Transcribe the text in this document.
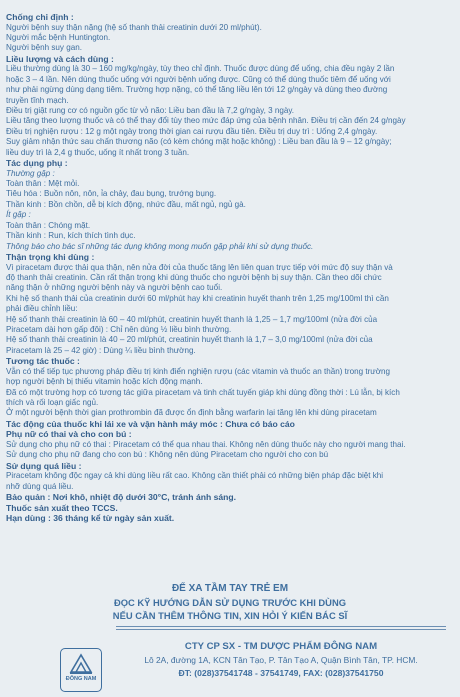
Chống chỉ định :
Người bệnh suy thận nặng (hệ số thanh thải creatinin dưới 20 ml/phút).
Người mắc bệnh Huntington.
Người bệnh suy gan.
Liều lượng và cách dùng :
Liều thường dùng là 30 – 160 mg/kg/ngày, tùy theo chỉ định. Thuốc được dùng để uống, chia đều ngày 2 lần
hoặc 3 – 4 lần. Nên dùng thuốc uống với người bệnh uống được. Cũng có thể dùng thuốc tiêm để uống với
như phải ngừng dùng dạng tiêm. Trường hợp nặng, có thể tăng liều lên tới 12 g/ngày và dùng theo đường
truyền tĩnh mạch.
Điều trị giật rung cơ có nguồn gốc từ vỏ não: Liều ban đầu là 7,2 g/ngày, 3 ngày.
Liều tăng theo lượng thuốc và có thể thay đổi tùy theo mức đáp ứng của bệnh nhân. Điều trị cần đến 24 g/ngày
Điều trị nghiện rượu : 12 g một ngày trong thời gian cai rượu đầu tiên. Điều trị duy trì : Uống 2,4 g/ngày.
Suy giảm nhận thức sau chấn thương não (có kèm chóng mặt hoặc không) : Liều ban đầu là 9 – 12 g/ngày;
liều duy trì là 2,4 g thuốc, uống ít nhất trong 3 tuần.
Tác dụng phụ :
Thường gặp :
Toàn thân : Mệt mỏi.
Tiêu hóa : Buồn nôn, nôn, ỉa chảy, đau bụng, trướng bụng.
Thần kinh : Bồn chồn, dễ bị kích động, nhức đầu, mất ngủ, ngủ gà.
Ít gặp :
Toàn thân : Chóng mặt.
Thần kinh : Run, kích thích tình dục.
Thông báo cho bác sĩ những tác dụng không mong muốn gặp phải khi sử dụng thuốc.
Thận trọng khi dùng :
Vì piracetam được thải qua thận, nên nửa đời của thuốc tăng lên liên quan trực tiếp với mức độ suy thận và
độ thanh thải creatinin. Cần rất thận trọng khi dùng thuốc cho người bệnh bị suy thận. Cần theo dõi chức
năng thận ở những người bệnh này và người bệnh cao tuổi.
Khi hệ số thanh thải của creatinin dưới 60 ml/phút hay khi creatinin huyết thanh trên 1,25 mg/100ml thì cần
phải điều chỉnh liều:
Hệ số thanh thải creatinin là 60 – 40 ml/phút, creatinin huyết thanh là 1,25 – 1,7 mg/100ml (nửa đời của
Piracetam dài hơn gấp đôi) : Chỉ nên dùng ½ liều bình thường.
Hệ số thanh thải creatinin là 40 – 20 ml/phút, creatinin huyết thanh là 1,7 – 3,0 mg/100ml (nửa đời của
Piracetam là 25 – 42 giờ) : Dùng ¼ liều bình thường.
Tương tác thuốc :
Vẫn có thể tiếp tục phương pháp điều trị kinh điển nghiện rượu (các vitamin và thuốc an thần) trong trường
hợp người bệnh bị thiếu vitamin hoặc kích động mạnh.
Đã có một trường hợp có tương tác giữa piracetam và tinh chất tuyến giáp khi dùng đồng thời : Lú lẫn, bị kích
thích và rối loạn giấc ngủ.
Ở một người bệnh thời gian prothrombin đã được ổn định bằng warfarin lại tăng lên khi dùng piracetam
Tác động của thuốc khi lái xe và vận hành máy móc : Chưa có báo cáo
Phụ nữ có thai và cho con bú :
Sử dụng cho phụ nữ có thai : Piracetam có thể qua nhau thai. Không nên dùng thuốc này cho người mang thai.
Sử dụng cho phụ nữ đang cho con bú : Không nên dùng Piracetam cho người cho con bú
Sử dụng quá liều :
Piracetam không độc ngay cả khi dùng liều rất cao. Không cần thiết phải có những biện pháp đặc biệt khi
nhỡ dùng quá liều.
Bảo quản : Nơi khô, nhiệt độ dưới 30°C, tránh ánh sáng.
Thuốc sản xuất theo TCCS.
Hạn dùng : 36 tháng kể từ ngày sản xuất.
ĐỂ XA TẦM TAY TRẺ EM
ĐỌC KỸ HƯỚNG DẪN SỬ DỤNG TRƯỚC KHI DÙNG
NẾU CẦN THÊM THÔNG TIN, XIN HỎI Ý KIẾN BÁC SĨ
ĐÔNG NAM
CTY CP SX - TM DƯỢC PHẨM ĐÔNG NAM
Lô 2A, đường 1A, KCN Tân Tạo, P. Tân Tạo A, Quận Bình Tân, TP. HCM.
ĐT: (028)37541748 - 37541749, FAX: (028)37541750
